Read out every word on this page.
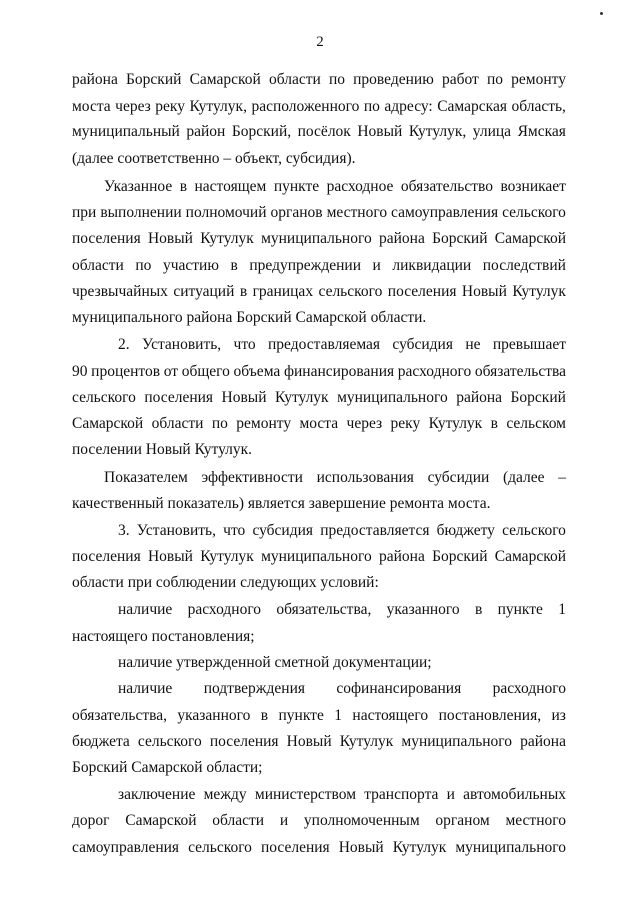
2
района Борский Самарской области по проведению работ по ремонту
моста через реку Кутулук, расположенного по адресу: Самарская область,
муниципальный район Борский, посёлок Новый Кутулук, улица Ямская
(далее соответственно – объект, субсидия).
Указанное в настоящем пункте расходное обязательство возникает
при выполнении полномочий органов местного самоуправления сельского
поселения Новый Кутулук муниципального района Борский Самарской
области по участию в предупреждении и ликвидации последствий
чрезвычайных ситуаций в границах сельского поселения Новый Кутулук
муниципального района Борский Самарской области.
2. Установить, что предоставляемая субсидия не превышает
90 процентов от общего объема финансирования расходного обязательства
сельского поселения Новый Кутулук муниципального района Борский
Самарской области по ремонту моста через реку Кутулук в сельском
поселении Новый Кутулук.
Показателем эффективности использования субсидии (далее –
качественный показатель) является завершение ремонта моста.
3. Установить, что субсидия предоставляется бюджету сельского
поселения Новый Кутулук муниципального района Борский Самарской
области при соблюдении следующих условий:
наличие расходного обязательства, указанного в пункте 1
настоящего постановления;
наличие утвержденной сметной документации;
наличие подтверждения софинансирования расходного
обязательства, указанного в пункте 1 настоящего постановления, из
бюджета сельского поселения Новый Кутулук муниципального района
Борский Самарской области;
заключение между министерством транспорта и автомобильных
дорог Самарской области и уполномоченным органом местного
самоуправления сельского поселения Новый Кутулук муниципального
